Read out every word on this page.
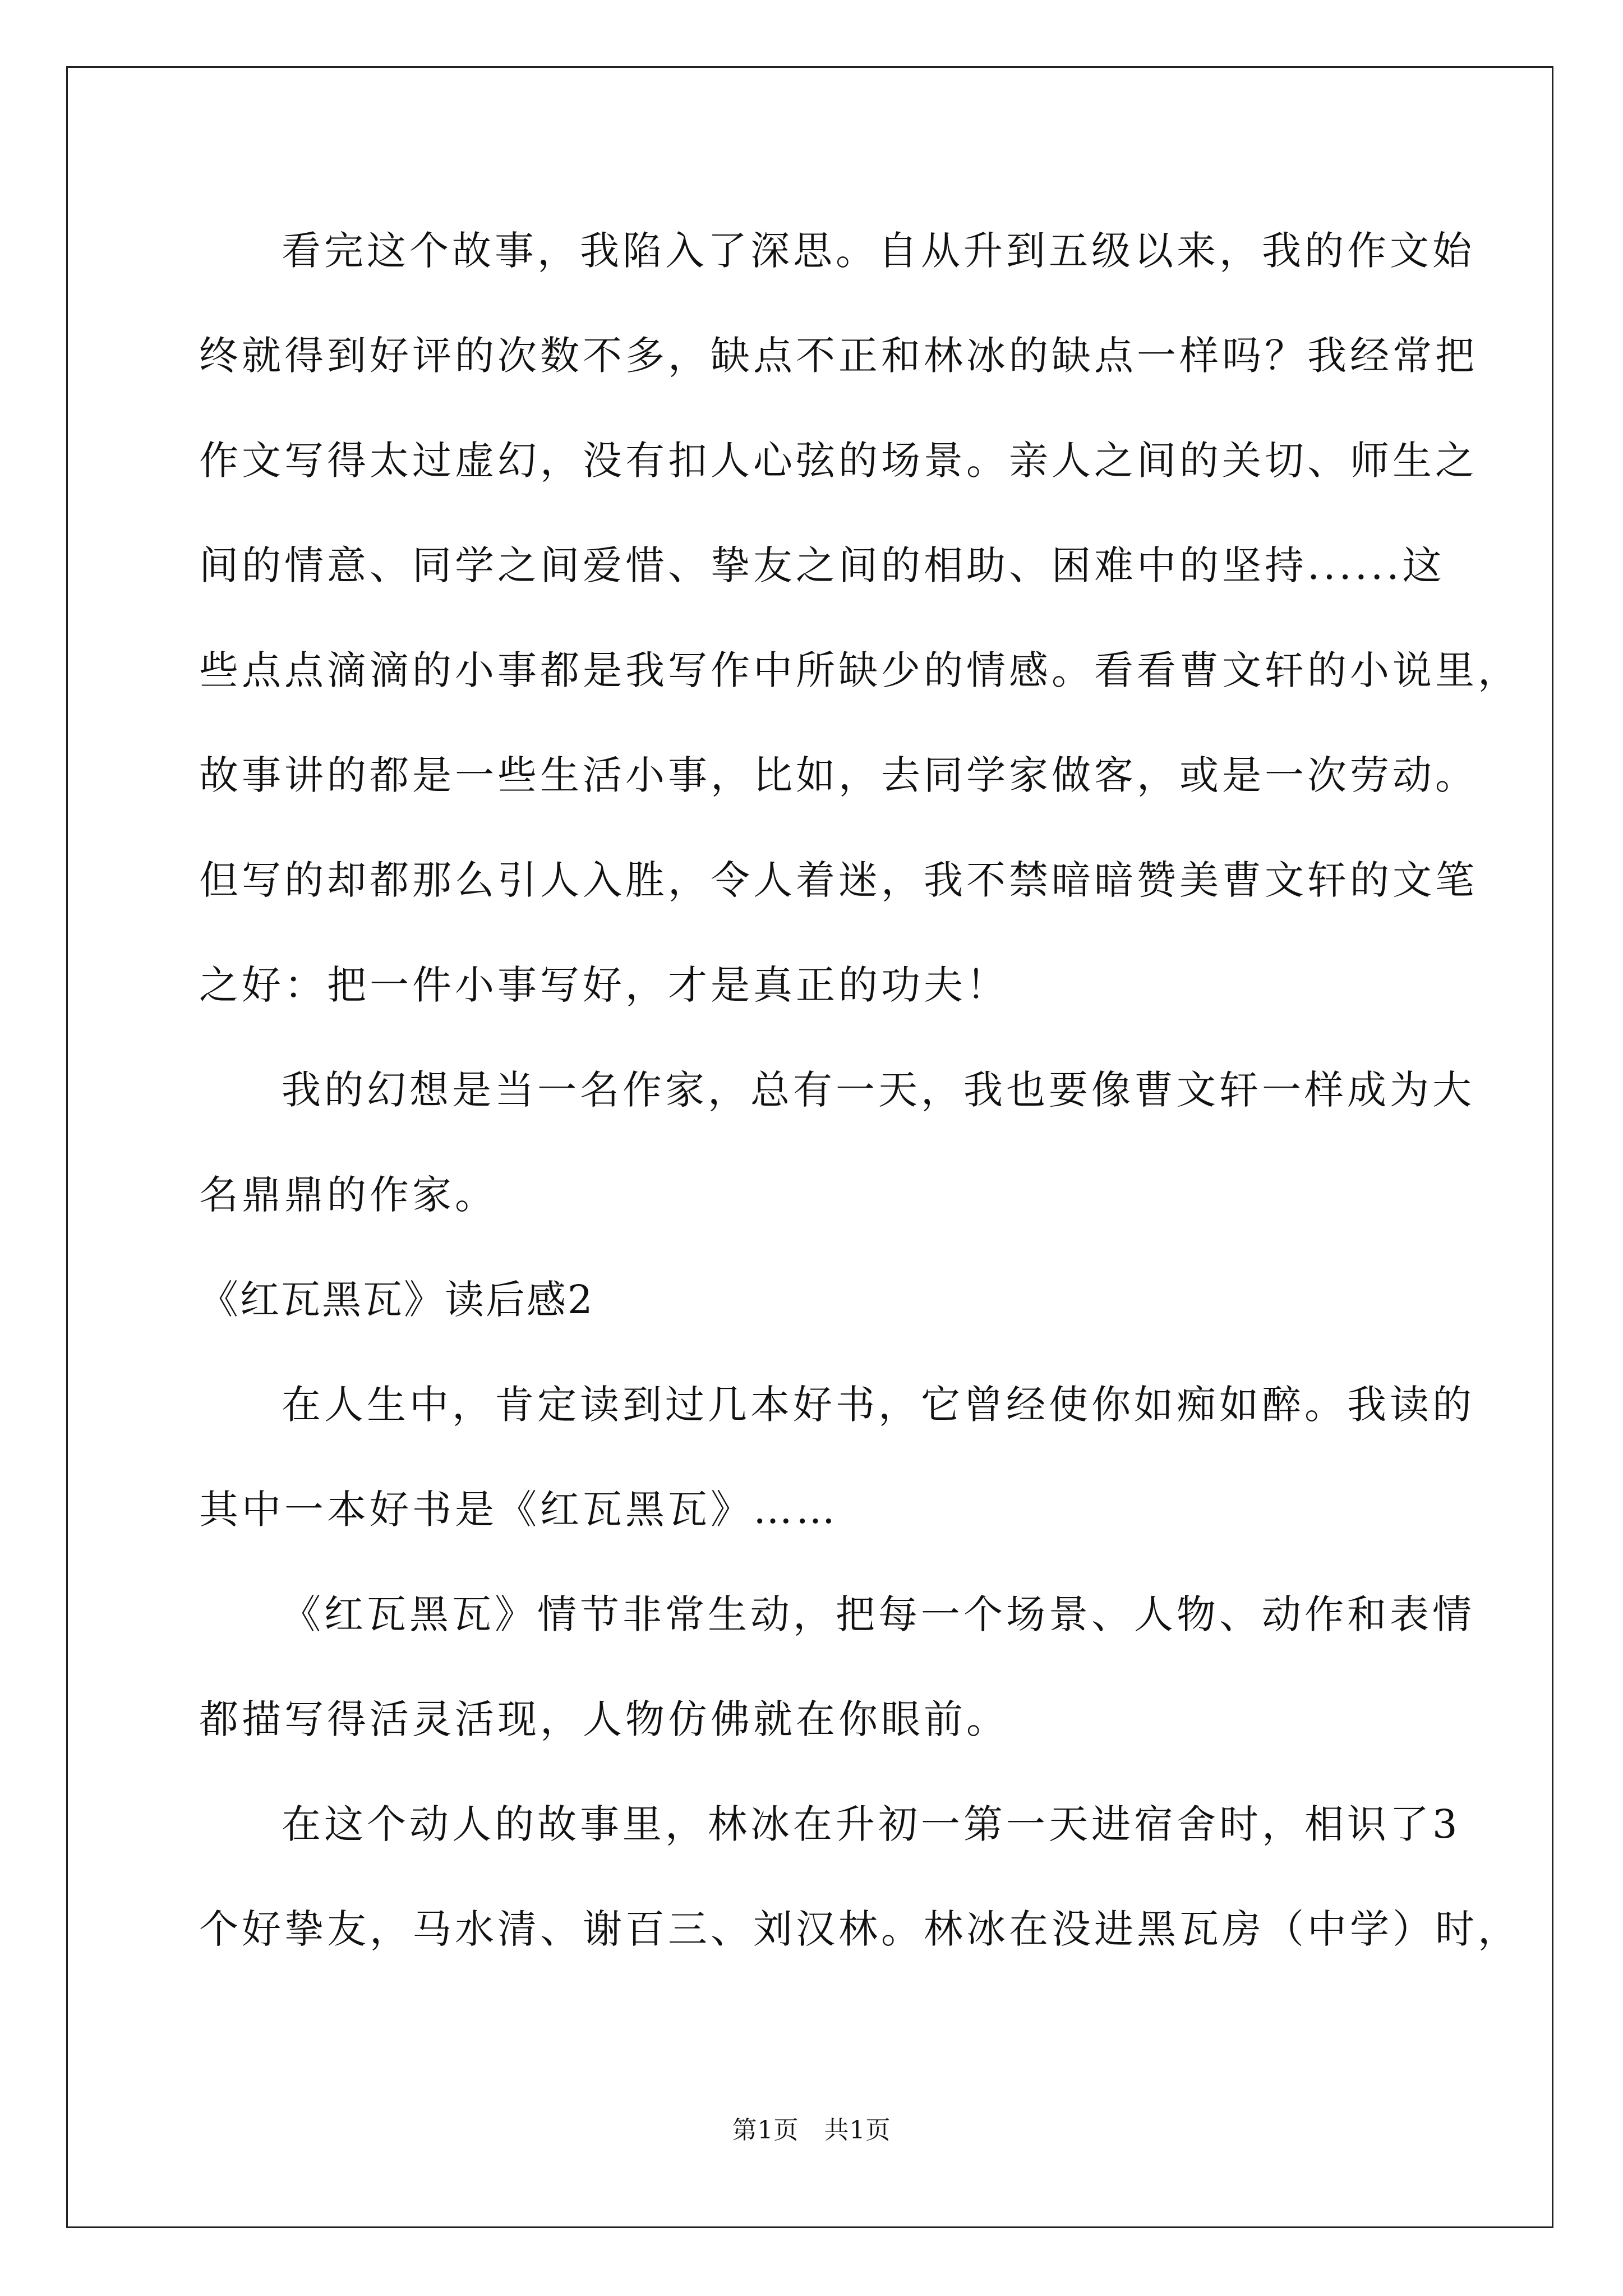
看完这个故事，我陷入了深思。自从升到五级以来，我的作文始
终就得到好评的次数不多，缺点不正和林冰的缺点一样吗？我经常把
作文写得太过虚幻，没有扣人心弦的场景。亲人之间的关切、师生之
间的情意、同学之间爱惜、挚友之间的相助、困难中的坚持......这
些点点滴滴的小事都是我写作中所缺少的情感。看看曹文轩的小说里，
故事讲的都是一些生活小事，比如，去同学家做客，或是一次劳动。
但写的却都那么引人入胜，令人着迷，我不禁暗暗赞美曹文轩的文笔
之好：把一件小事写好，才是真正的功夫！
我的幻想是当一名作家，总有一天，我也要像曹文轩一样成为大
名鼎鼎的作家。
《红瓦黑瓦》读后感2
在人生中，肯定读到过几本好书，它曾经使你如痴如醉。我读的
其中一本好书是《红瓦黑瓦》……
《红瓦黑瓦》情节非常生动，把每一个场景、人物、动作和表情
都描写得活灵活现，人物仿佛就在你眼前。
在这个动人的故事里，林冰在升初一第一天进宿舍时，相识了3
个好挚友，马水清、谢百三、刘汉林。林冰在没进黑瓦房（中学）时，
第1页　共1页
